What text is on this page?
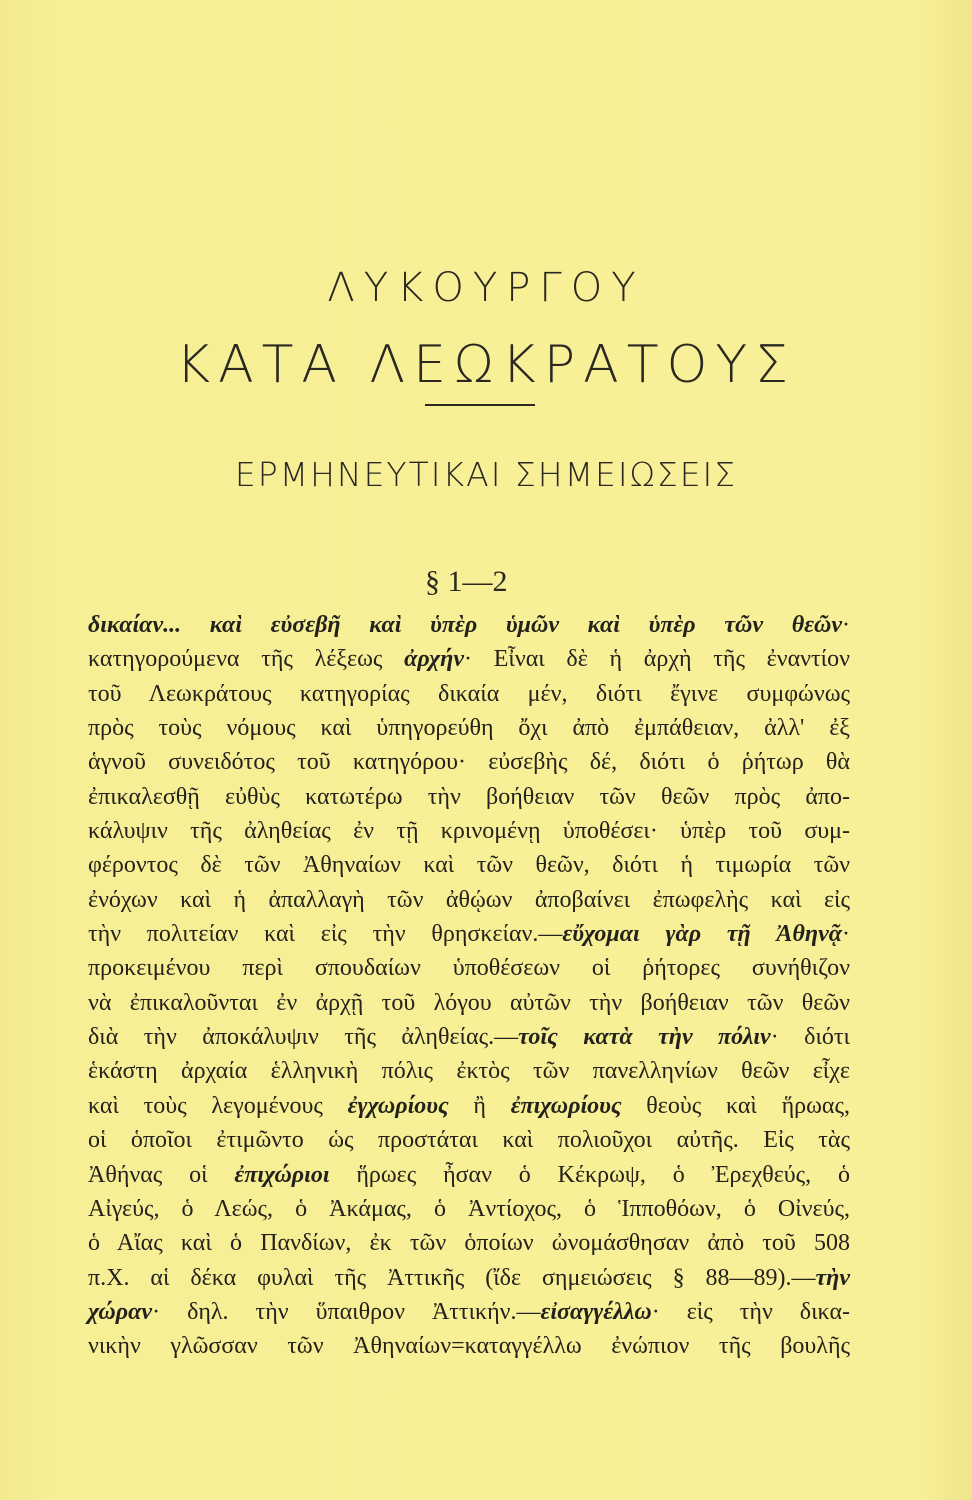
ΛΥΚΟΥΡΓΟΥ
ΚΑΤΑ ΛΕΩΚΡΑΤΟΥΣ
ΕΡΜΗΝΕΥΤΙΚΑΙ ΣΗΜΕΙΩΣΕΙΣ
§ 1—2
δικαίαν... καὶ εὐσεβῆ καὶ ὑπὲρ ὑμῶν καὶ ὑπὲρ τῶν θεῶν·
κατηγορούμενα τῆς λέξεως ἀρχήν· Εἶναι δὲ ἡ ἀρχὴ τῆς ἐναντίον
τοῦ Λεωκράτους κατηγορίας δικαία μέν, διότι ἔγινε συμφώνως
πρὸς τοὺς νόμους καὶ ὑπηγορεύθη ὄχι ἀπὸ ἐμπάθειαν, ἀλλ' ἐξ
ἁγνοῦ συνειδότος τοῦ κατηγόρου· εὐσεβὴς δέ, διότι ὁ ῥήτωρ θὰ
ἐπικαλεσθῇ εὐθὺς κατωτέρω τὴν βοήθειαν τῶν θεῶν πρὸς ἀπο-
κάλυψιν τῆς ἀληθείας ἐν τῇ κρινομένῃ ὑποθέσει· ὑπὲρ τοῦ συμ-
φέροντος δὲ τῶν Ἀθηναίων καὶ τῶν θεῶν, διότι ἡ τιμωρία τῶν
ἐνόχων καὶ ἡ ἀπαλλαγὴ τῶν ἀθῴων ἀποβαίνει ἐπωφελὴς καὶ εἰς
τὴν πολιτείαν καὶ εἰς τὴν θρησκείαν.—εὔχομαι γὰρ τῇ Ἀθηνᾷ·
προκειμένου περὶ σπουδαίων ὑποθέσεων οἱ ῥήτορες συνήθιζον
νὰ ἐπικαλοῦνται ἐν ἀρχῇ τοῦ λόγου αὐτῶν τὴν βοήθειαν τῶν θεῶν
διὰ τὴν ἀποκάλυψιν τῆς ἀληθείας.—τοῖς κατὰ τὴν πόλιν· διότι
ἑκάστη ἀρχαία ἑλληνικὴ πόλις ἐκτὸς τῶν πανελληνίων θεῶν εἶχε
καὶ τοὺς λεγομένους ἐγχωρίους ἢ ἐπιχωρίους θεοὺς καὶ ἥρωας,
οἱ ὁποῖοι ἐτιμῶντο ὡς προστάται καὶ πολιοῦχοι αὐτῆς. Εἰς τὰς
Ἀθήνας οἱ ἐπιχώριοι ἥρωες ἦσαν ὁ Κέκρωψ, ὁ Ἐρεχθεύς, ὁ
Αἰγεύς, ὁ Λεώς, ὁ Ἀκάμας, ὁ Ἀντίοχος, ὁ Ἱπποθόων, ὁ Οἰνεύς,
ὁ Αἴας καὶ ὁ Πανδίων, ἐκ τῶν ὁποίων ὠνομάσθησαν ἀπὸ τοῦ 508
π.Χ. αἱ δέκα φυλαὶ τῆς Ἀττικῆς (ἴδε σημειώσεις § 88—89).—τὴν
χώραν· δηλ. τὴν ὕπαιθρον Ἀττικήν.—εἰσαγγέλλω· εἰς τὴν δικα-
νικὴν γλῶσσαν τῶν Ἀθηναίων=καταγγέλλω ἐνώπιον τῆς βουλῆς
